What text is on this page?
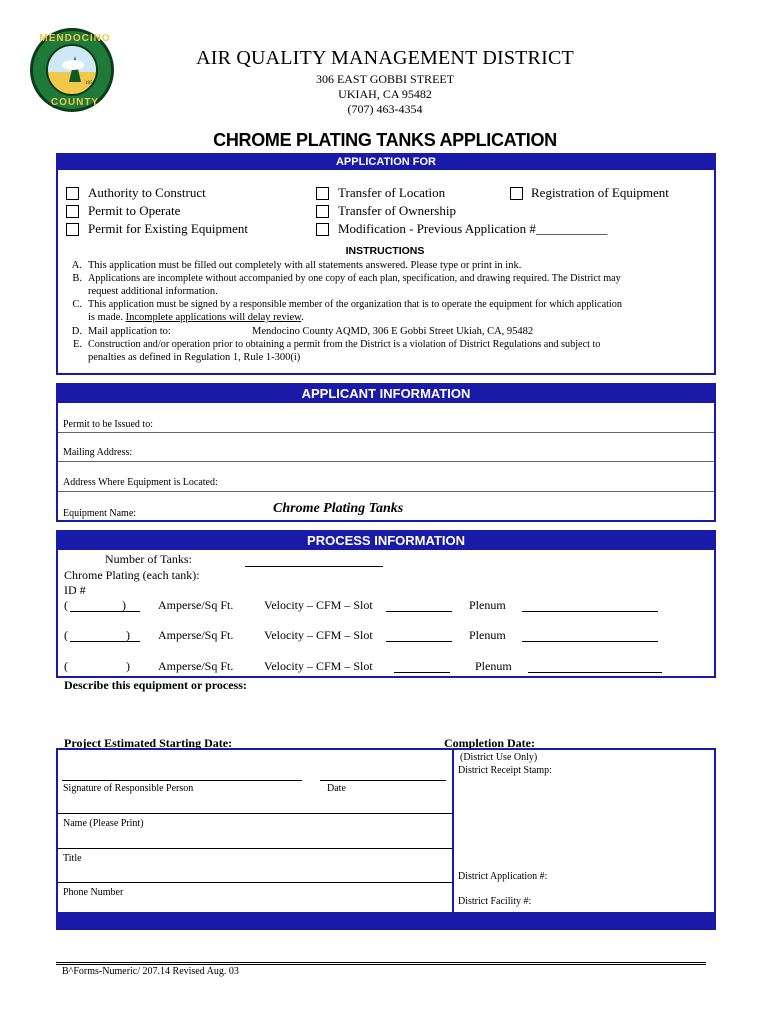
MENDOCINO
COUNTY
1850
AIR QUALITY MANAGEMENT DISTRICT
306 EAST GOBBI STREET
UKIAH, CA 95482
(707) 463-4354
CHROME PLATING TANKS APPLICATION
APPLICATION FOR
Authority to Construct
Permit to Operate
Permit for Existing Equipment
Transfer of Location
Transfer of Ownership
Modification - Previous Application #___________
Registration of Equipment
INSTRUCTIONS
A. This application must be filled out completely with all statements answered. Please type or print in ink.
B. Applications are incomplete without accompanied by one copy of each plan, specification, and drawing required. The District may
request additional information.
C. This application must be signed by a responsible member of the organization that is to operate the equipment for which application
is made. Incomplete applications will delay review.
D. Mail application to:	Mendocino County AQMD, 306 E Gobbi Street Ukiah, CA, 95482
E. Construction and/or operation prior to obtaining a permit from the District is a violation of District Regulations and subject to
penalties as defined in Regulation 1, Rule 1-300(i)
APPLICANT INFORMATION
Permit to be Issued to:
Mailing Address:
Address Where Equipment is Located:
Equipment Name:	Chrome Plating Tanks
PROCESS INFORMATION
Number of Tanks:
Chrome Plating (each tank):
ID #
(	)	Amperse/Sq Ft.	Velocity – CFM – Slot	Plenum
(	) Amperse/Sq Ft.	Velocity – CFM – Slot	Plenum
(	) Amperse/Sq Ft.	Velocity – CFM – Slot	Plenum
Describe this equipment or process:
Project Estimated Starting Date:	Completion Date:
Signature of Responsible Person	Date
Name (Please Print)
Title
Phone Number
(District Use Only)
District Receipt Stamp:
District Application #:
District Facility #:
B^Forms-Numeric/ 207.14 Revised Aug. 03
